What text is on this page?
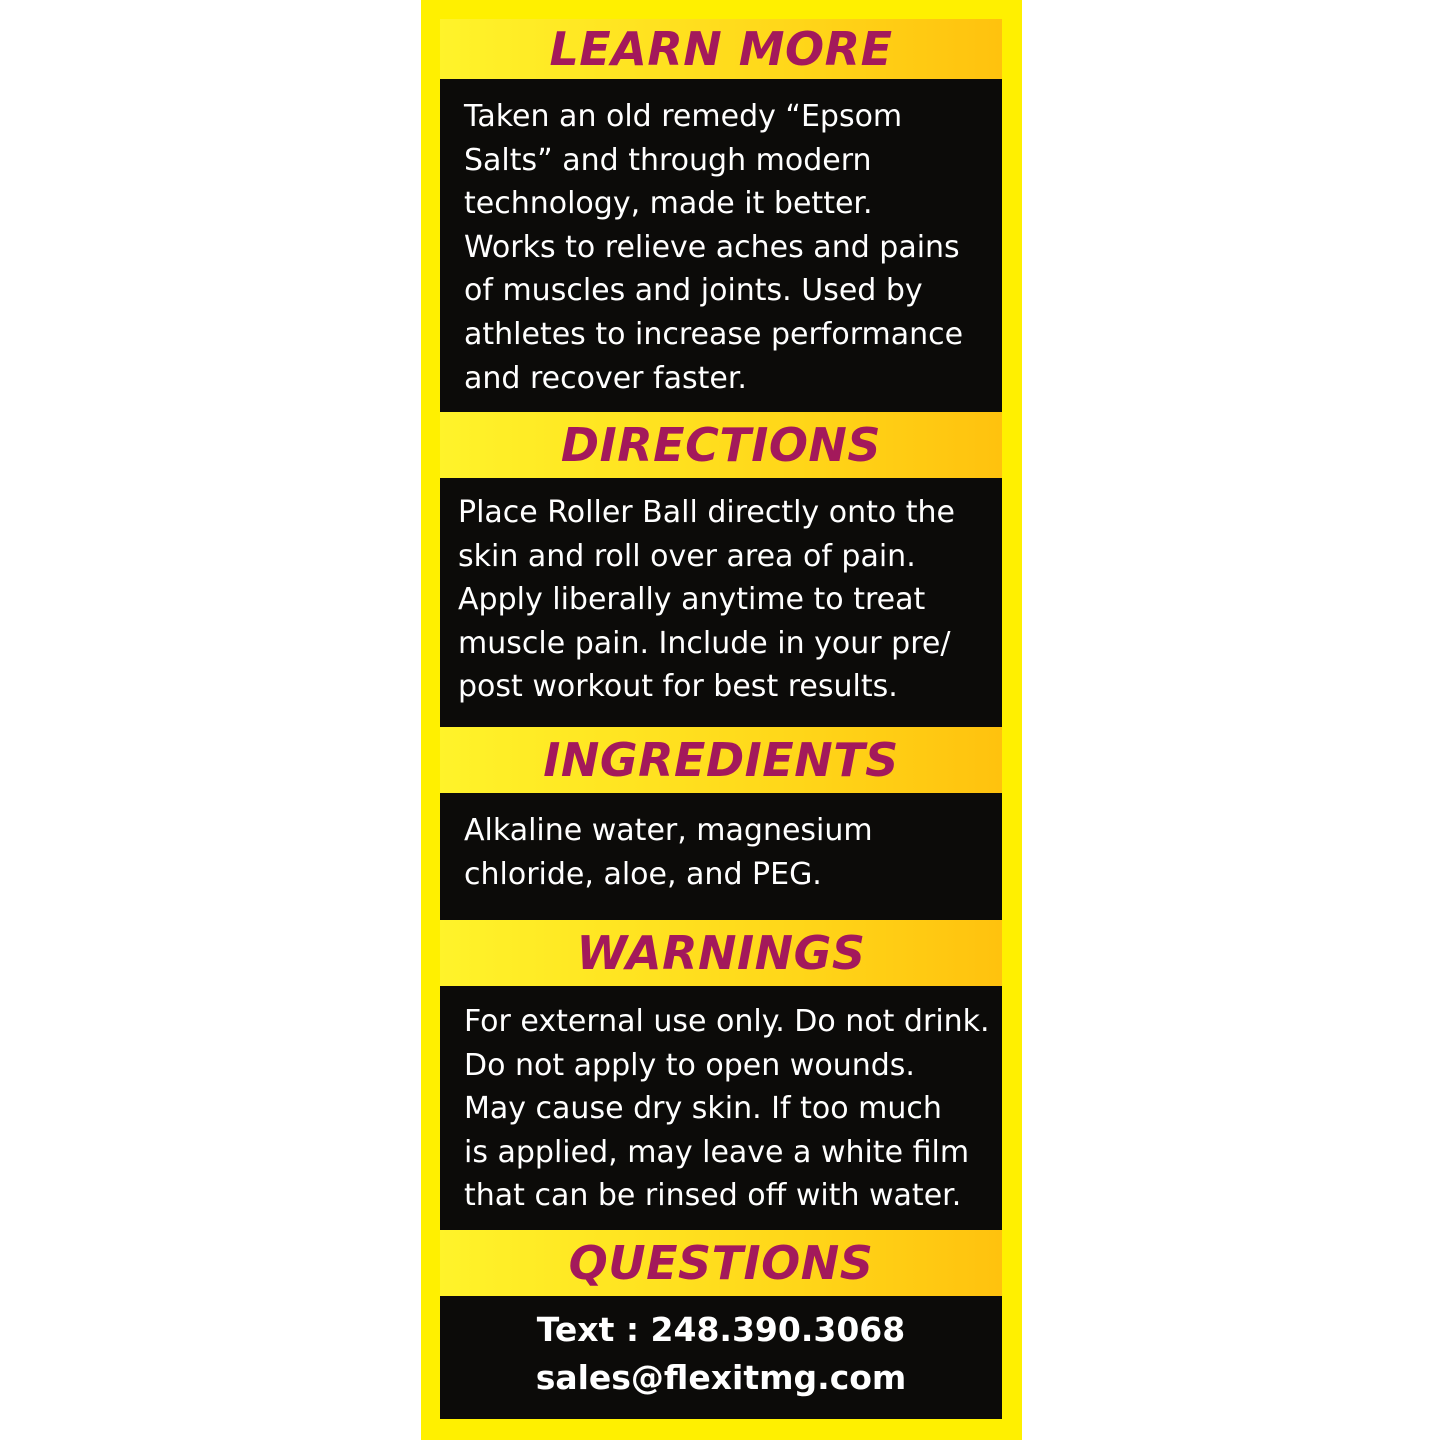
LEARN MORE

Taken an old remedy “Epsom
Salts” and through modern
technology, made it better.
Works to relieve aches and pains
of muscles and joints. Used by
athletes to increase performance
and recover faster.

DIRECTIONS

Place Roller Ball directly onto the
skin and roll over area of pain.
Apply liberally anytime to treat
muscle pain. Include in your pre/
post workout for best results.

INGREDIENTS

Alkaline water, magnesium
chloride, aloe, and PEG.

WARNINGS

For external use only. Do not drink.
Do not apply to open wounds.
May cause dry skin. If too much
is applied, may leave a white film
that can be rinsed off with water.

QUESTIONS

Text : 248.390.3068

sales@flexitmg.com
